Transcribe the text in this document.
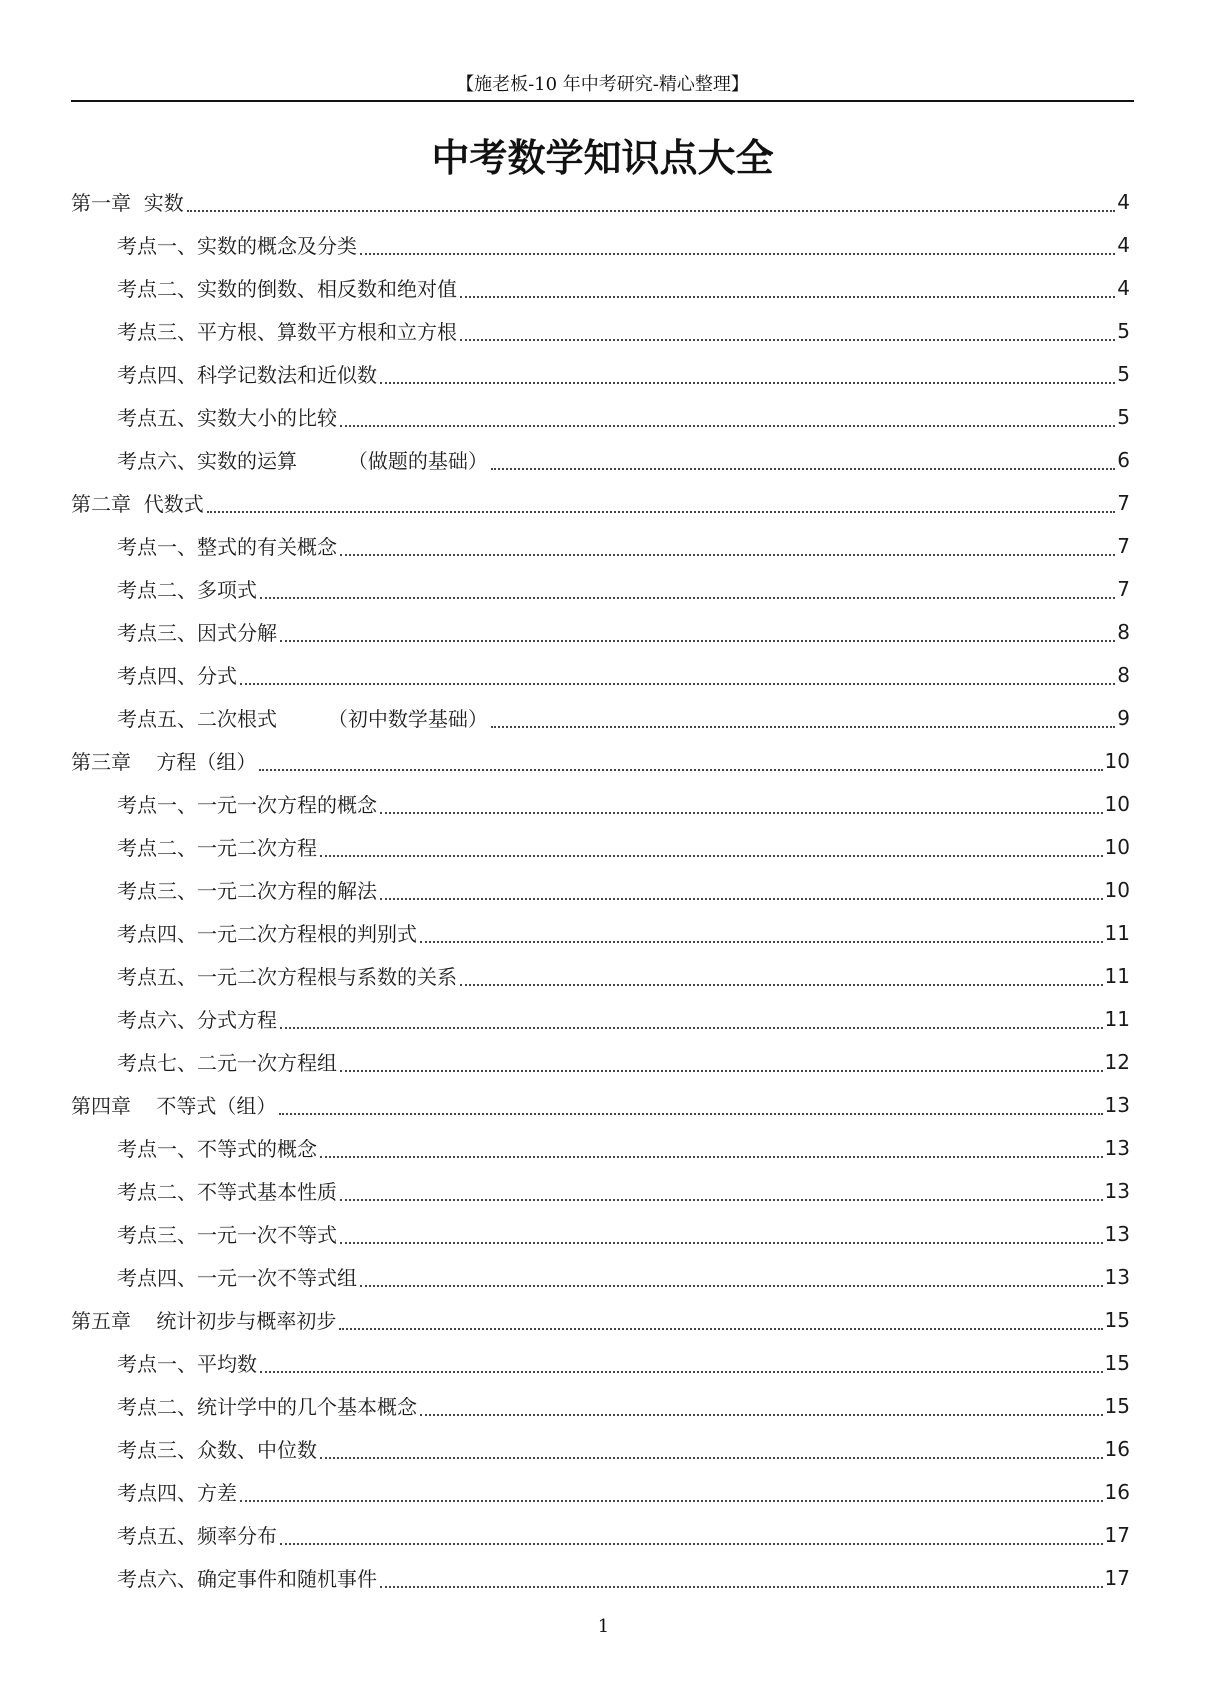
【施老板-10 年中考研究-精心整理】
中考数学知识点大全
第一章  实数	4
考点一、实数的概念及分类	4
考点二、实数的倒数、相反数和绝对值	4
考点三、平方根、算数平方根和立方根	5
考点四、科学记数法和近似数	5
考点五、实数大小的比较	5
考点六、实数的运算        （做题的基础）	6
第二章  代数式	7
考点一、整式的有关概念	7
考点二、多项式	7
考点三、因式分解	8
考点四、分式	8
考点五、二次根式        （初中数学基础）	9
第三章    方程（组）	10
考点一、一元一次方程的概念	10
考点二、一元二次方程	10
考点三、一元二次方程的解法	10
考点四、一元二次方程根的判别式	11
考点五、一元二次方程根与系数的关系	11
考点六、分式方程	11
考点七、二元一次方程组	12
第四章    不等式（组）	13
考点一、不等式的概念	13
考点二、不等式基本性质	13
考点三、一元一次不等式	13
考点四、一元一次不等式组	13
第五章    统计初步与概率初步	15
考点一、平均数	15
考点二、统计学中的几个基本概念	15
考点三、众数、中位数	16
考点四、方差	16
考点五、频率分布	17
考点六、确定事件和随机事件	17
1
